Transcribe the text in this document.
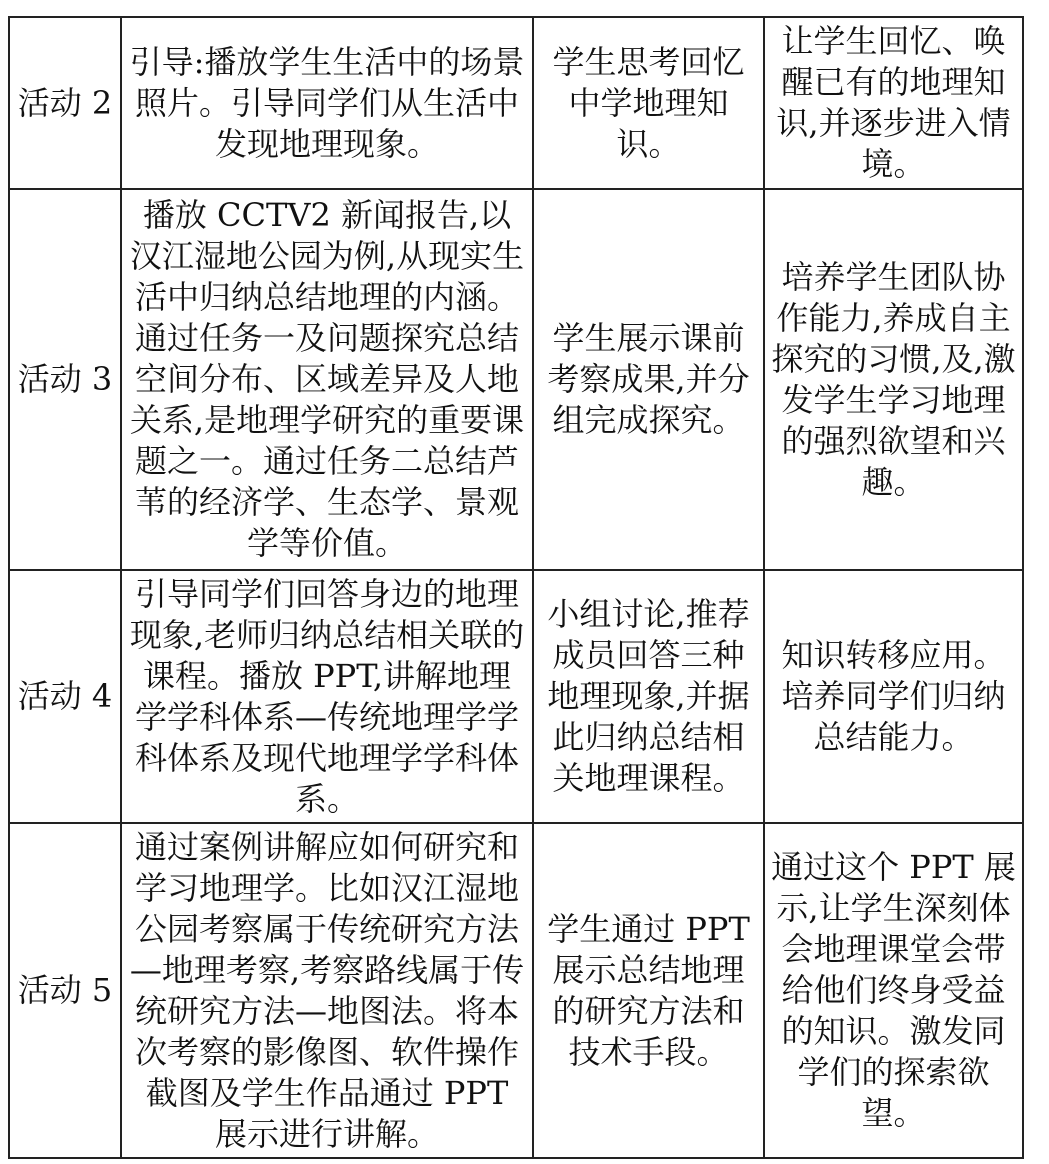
活动 2	引导:播放学生生活中的场景照片。引导同学们从生活中发现地理现象。	学生思考回忆中学地理知识。	让学生回忆、唤醒已有的地理知识,并逐步进入情境。
活动 3	播放 CCTV2 新闻报告,以汉江湿地公园为例,从现实生活中归纳总结地理的内涵。通过任务一及问题探究总结空间分布、区域差异及人地关系,是地理学研究的重要课题之一。通过任务二总结芦苇的经济学、生态学、景观学等价值。	学生展示课前考察成果,并分组完成探究。	培养学生团队协作能力,养成自主探究的习惯,及,激发学生学习地理的强烈欲望和兴趣。
活动 4	引导同学们回答身边的地理现象,老师归纳总结相关联的课程。播放 PPT,讲解地理学学科体系—传统地理学学科体系及现代地理学学科体系。	小组讨论,推荐成员回答三种地理现象,并据此归纳总结相关地理课程。	知识转移应用。培养同学们归纳总结能力。
活动 5	通过案例讲解应如何研究和学习地理学。比如汉江湿地公园考察属于传统研究方法—地理考察,考察路线属于传统研究方法—地图法。将本次考察的影像图、软件操作截图及学生作品通过 PPT 展示进行讲解。	学生通过 PPT 展示总结地理的研究方法和技术手段。	通过这个 PPT 展示,让学生深刻体会地理课堂会带给他们终身受益的知识。激发同学们的探索欲望。
